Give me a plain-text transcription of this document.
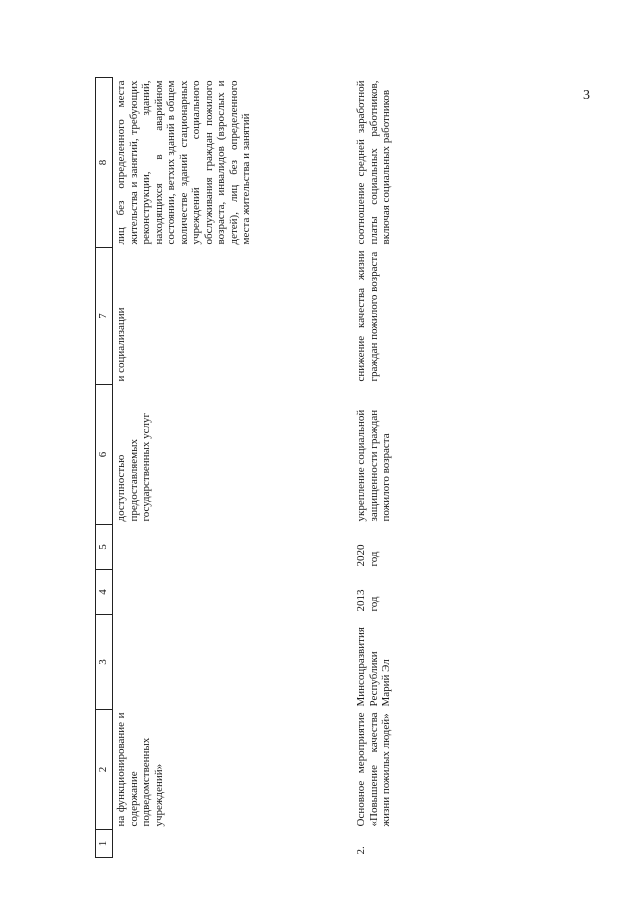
3
1	2	3	4	5	6	7	8
	на функционирование и содержание подведомственных учреждений»				доступностью предоставляемых государственных услуг	и социализации	лиц без определенного места жительства и занятий, требующих реконструкции, зданий, находящихся в аварийном состоянии, ветхих зданий в общем количестве зданий стационарных учреждений социального обслуживания граждан пожилого возраста, инвалидов (взрослых и детей), лиц без определенного места жительства и занятий
2.	Основное мероприятие «Повышение качества жизни пожилых людей»	Минсоцразвития Республики Марий Эл	2013 год	2020 год	укрепление социальной защищенности граждан пожилого возраста	снижение качества жизни граждан пожилого возраста	соотношение средней заработной платы социальных работников, включая социальных работников
